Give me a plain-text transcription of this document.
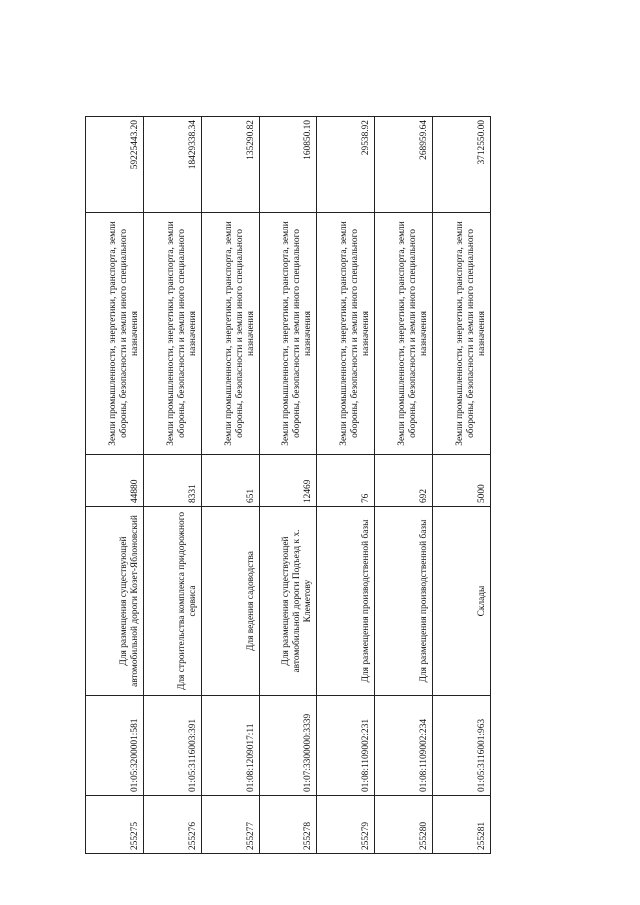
255275	01:05:3200001:581	Для размещения существующей автомобильной дороги Козет-Яблоновский	44880	Земли промышленности, энергетики, транспорта, земли обороны, безопасности и земли иного специального назначения	59225443.20
255276	01:05:3116003:391	Для строительства комплекса придорожного сервиса	8331	Земли промышленности, энергетики, транспорта, земли обороны, безопасности и земли иного специального назначения	18429338.34
255277	01:08:1209017:11	Для ведения садоводства	651	Земли промышленности, энергетики, транспорта, земли обороны, безопасности и земли иного специального назначения	135290.82
255278	01:07:3300000:3339	Для размещения существующей автомобильной дороги Подъезд к х. Клеметову	12469	Земли промышленности, энергетики, транспорта, земли обороны, безопасности и земли иного специального назначения	160850.10
255279	01:08:1109002:231	Для размещения производственной базы	76	Земли промышленности, энергетики, транспорта, земли обороны, безопасности и земли иного специального назначения	29538.92
255280	01:08:1109002:234	Для размещения производственной базы	692	Земли промышленности, энергетики, транспорта, земли обороны, безопасности и земли иного специального назначения	268959.64
255281	01:05:3116001:963	Склады	5000	Земли промышленности, энергетики, транспорта, земли обороны, безопасности и земли иного специального назначения	3712550.00
